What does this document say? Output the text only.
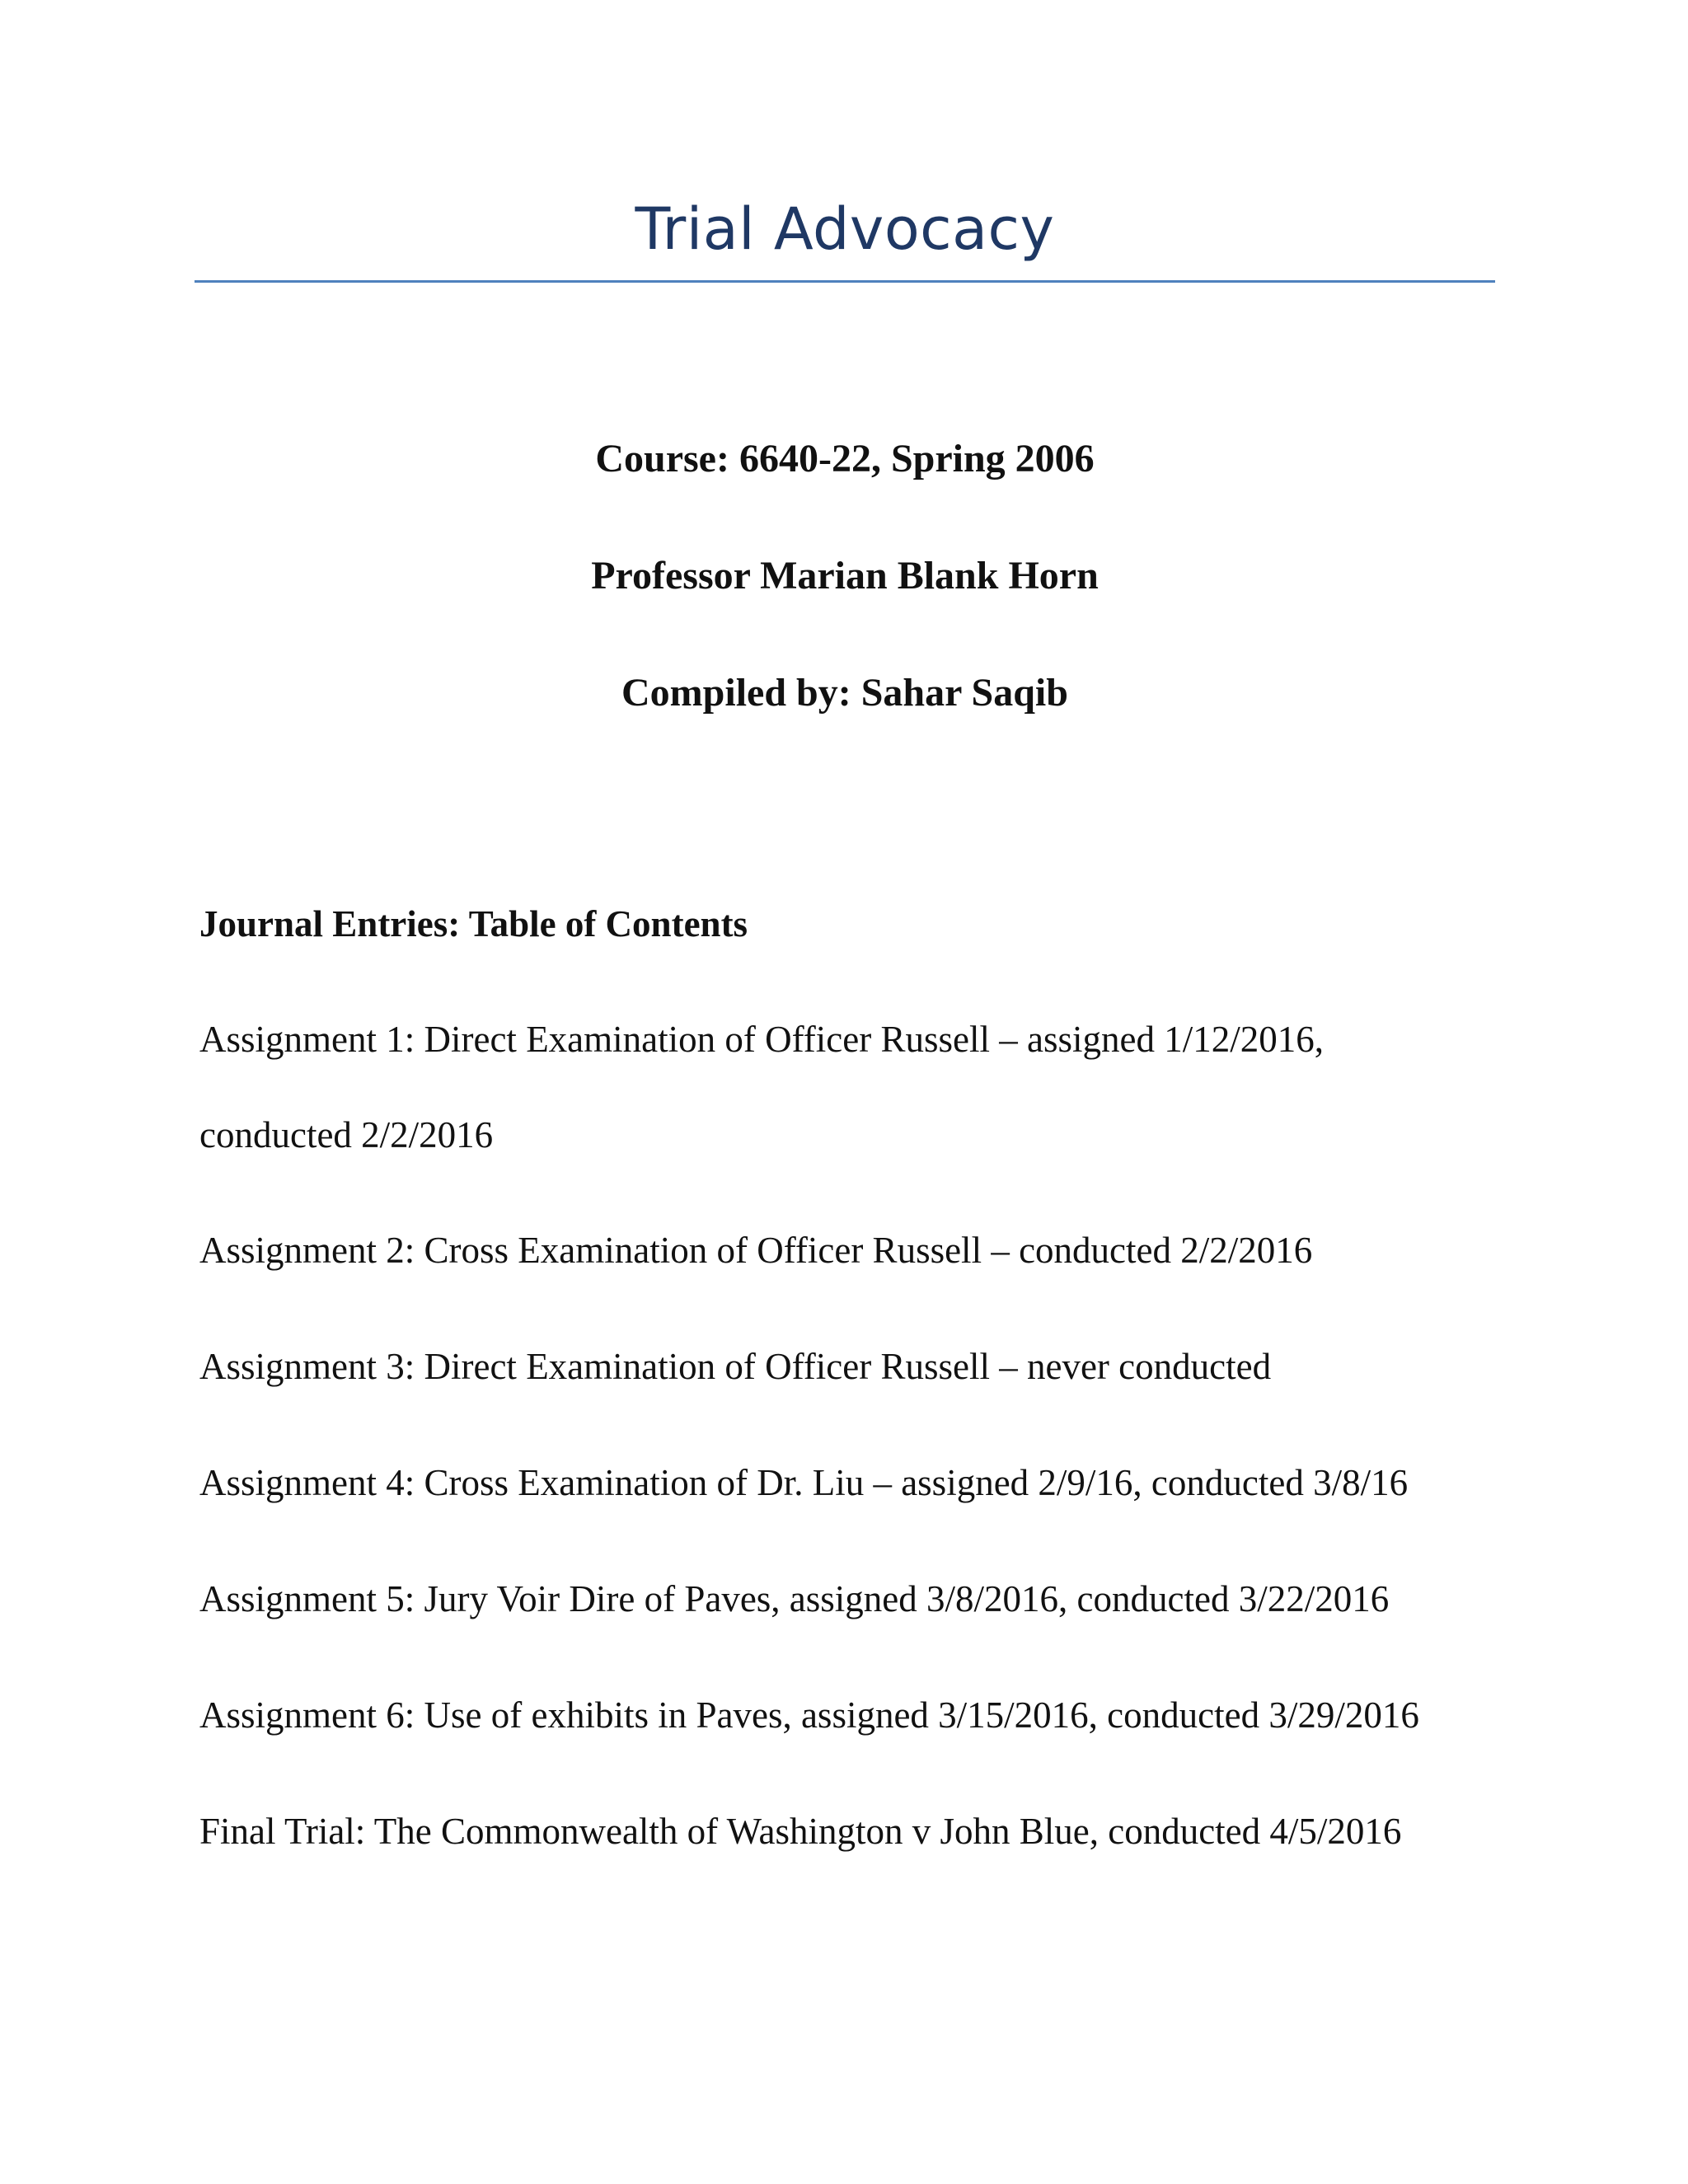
Trial Advocacy

Course: 6640-22, Spring 2006

Professor Marian Blank Horn

Compiled by: Sahar Saqib

Journal Entries: Table of Contents

Assignment 1: Direct Examination of Officer Russell – assigned 1/12/2016,

conducted 2/2/2016

Assignment 2: Cross Examination of Officer Russell – conducted 2/2/2016

Assignment 3: Direct Examination of Officer Russell – never conducted

Assignment 4: Cross Examination of Dr. Liu – assigned 2/9/16, conducted 3/8/16

Assignment 5: Jury Voir Dire of Paves, assigned 3/8/2016, conducted 3/22/2016

Assignment 6: Use of exhibits in Paves, assigned 3/15/2016, conducted 3/29/2016

Final Trial: The Commonwealth of Washington v John Blue, conducted 4/5/2016
